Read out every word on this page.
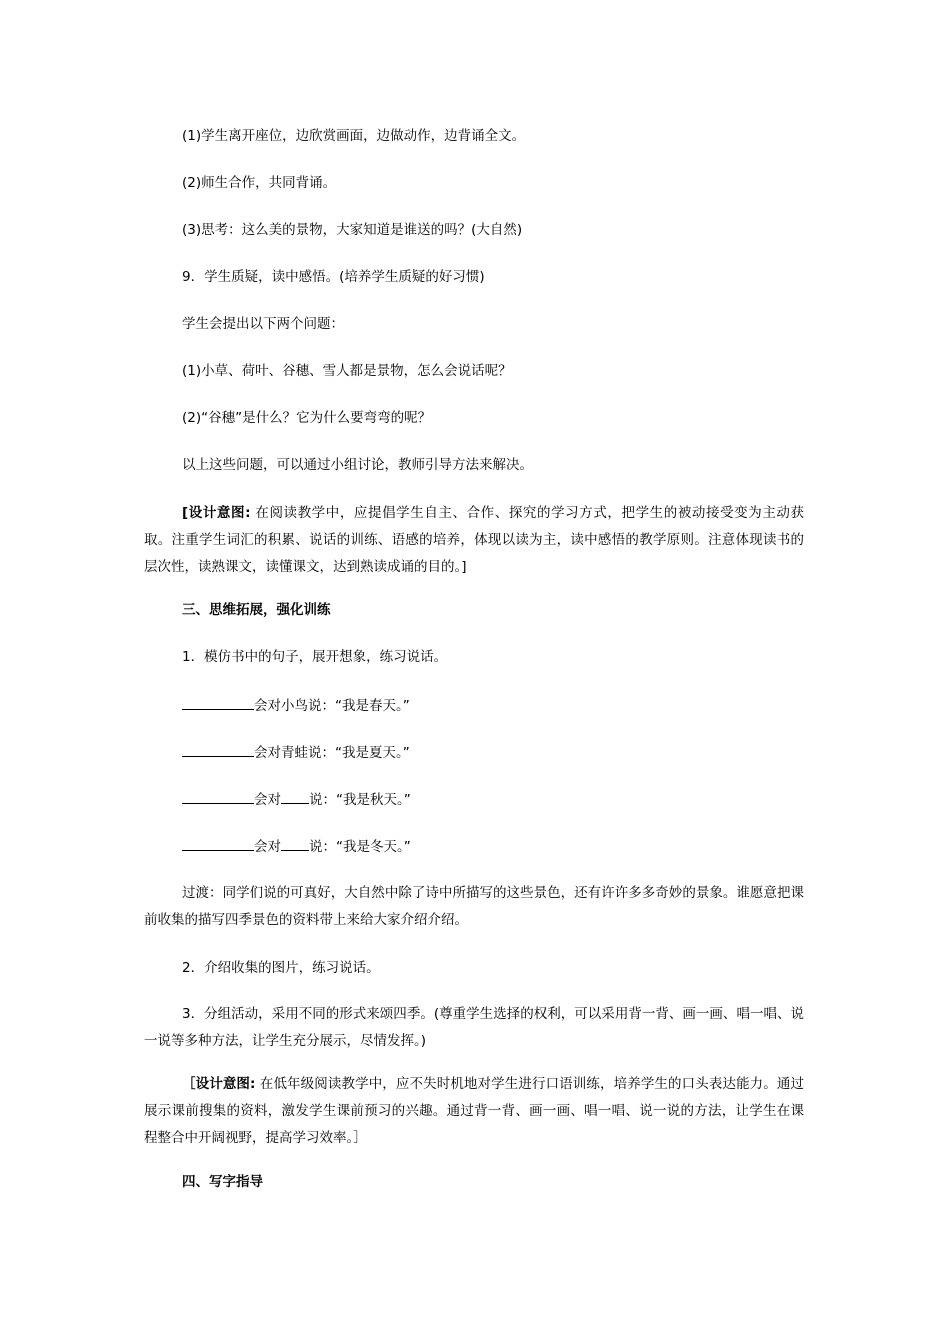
(1)学生离开座位，边欣赏画面，边做动作，边背诵全文。
(2)师生合作，共同背诵。
(3)思考：这么美的景物，大家知道是谁送的吗？(大自然)
9．学生质疑，读中感悟。(培养学生质疑的好习惯)
学生会提出以下两个问题：
(1)小草、荷叶、谷穗、雪人都是景物，怎么会说话呢？
(2)“谷穗”是什么？它为什么要弯弯的呢？
以上这些问题，可以通过小组讨论，教师引导方法来解决。
[设计意图: 在阅读教学中，应提倡学生自主、合作、探究的学习方式，把学生的被动接受变为主动获取。注重学生词汇的积累、说话的训练、语感的培养，体现以读为主，读中感悟的教学原则。注意体现读书的层次性，读熟课文，读懂课文，达到熟读成诵的目的。]
三、思维拓展，强化训练
1．模仿书中的句子，展开想象，练习说话。
会对小鸟说：“我是春天。”
会对青蛙说：“我是夏天。”
会对 说：“我是秋天。”
会对 说：“我是冬天。”
过渡：同学们说的可真好，大自然中除了诗中所描写的这些景色，还有许许多多奇妙的景象。谁愿意把课前收集的描写四季景色的资料带上来给大家介绍介绍。
2．介绍收集的图片，练习说话。
3．分组活动，采用不同的形式来颂四季。(尊重学生选择的权利，可以采用背一背、画一画、唱一唱、说一说等多种方法，让学生充分展示，尽情发挥。)
［设计意图: 在低年级阅读教学中，应不失时机地对学生进行口语训练，培养学生的口头表达能力。通过展示课前搜集的资料，激发学生课前预习的兴趣。通过背一背、画一画、唱一唱、说一说的方法，让学生在课程整合中开阔视野，提高学习效率。］
四、写字指导
